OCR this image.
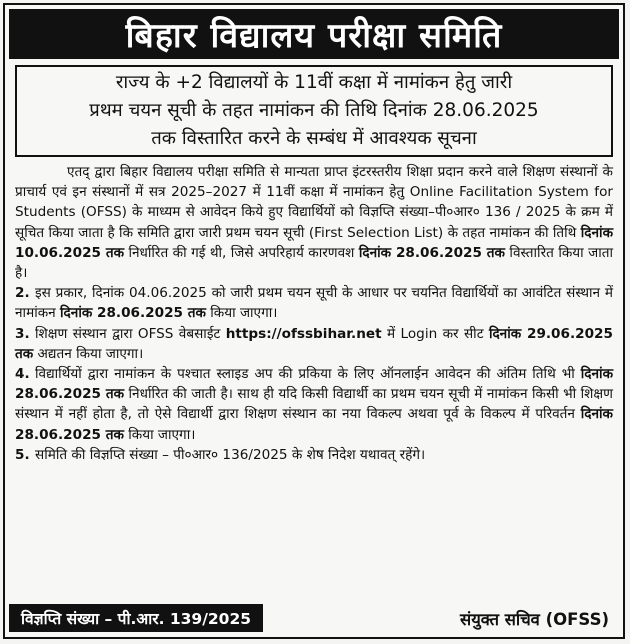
बिहार विद्यालय परीक्षा समिति
राज्य के +2 विद्यालयों के 11वीं कक्षा में नामांकन हेतु जारी
प्रथम चयन सूची के तहत नामांकन की तिथि दिनांक 28.06.2025
तक विस्तारित करने के सम्बंध में आवश्यक सूचना

एतद् द्वारा बिहार विद्यालय परीक्षा समिति से मान्यता प्राप्त इंटरस्तरीय शिक्षा प्रदान करने वाले शिक्षण संस्थानों के प्राचार्य एवं इन संस्थानों में सत्र 2025–2027 में 11वीं कक्षा में नामांकन हेतु Online Facilitation System for Students (OFSS) के माध्यम से आवेदन किये हुए विद्यार्थियों को विज्ञप्ति संख्या–पी०आर० 136 / 2025 के क्रम में सूचित किया जाता है कि समिति द्वारा जारी प्रथम चयन सूची (First Selection List) के तहत नामांकन की तिथि दिनांक 10.06.2025 तक निर्धारित की गई थी, जिसे अपरिहार्य कारणवश दिनांक 28.06.2025 तक विस्तारित किया जाता है।

2. इस प्रकार, दिनांक 04.06.2025 को जारी प्रथम चयन सूची के आधार पर चयनित विद्यार्थियों का आवंटित संस्थान में नामांकन दिनांक 28.06.2025 तक किया जाएगा।

3. शिक्षण संस्थान द्वारा OFSS वेबसाईट https://ofssbihar.net में Login कर सीट दिनांक 29.06.2025 तक अद्यतन किया जाएगा।

4. विद्यार्थियों द्वारा नामांकन के पश्चात स्लाइड अप की प्रकिया के लिए ऑनलाईन आवेदन की अंतिम तिथि भी दिनांक 28.06.2025 तक निर्धारित की जाती है। साथ ही यदि किसी विद्यार्थी का प्रथम चयन सूची में नामांकन किसी भी शिक्षण संस्थान में नहीं होता है, तो ऐसे विद्यार्थी द्वारा शिक्षण संस्थान का नया विकल्प अथवा पूर्व के विकल्प में परिवर्तन दिनांक 28.06.2025 तक किया जाएगा।

5. समिति की विज्ञप्ति संख्या – पी०आर० 136/2025 के शेष निदेश यथावत् रहेंगे।

विज्ञप्ति संख्या – पी.आर. 139/2025	संयुक्त सचिव (OFSS)
